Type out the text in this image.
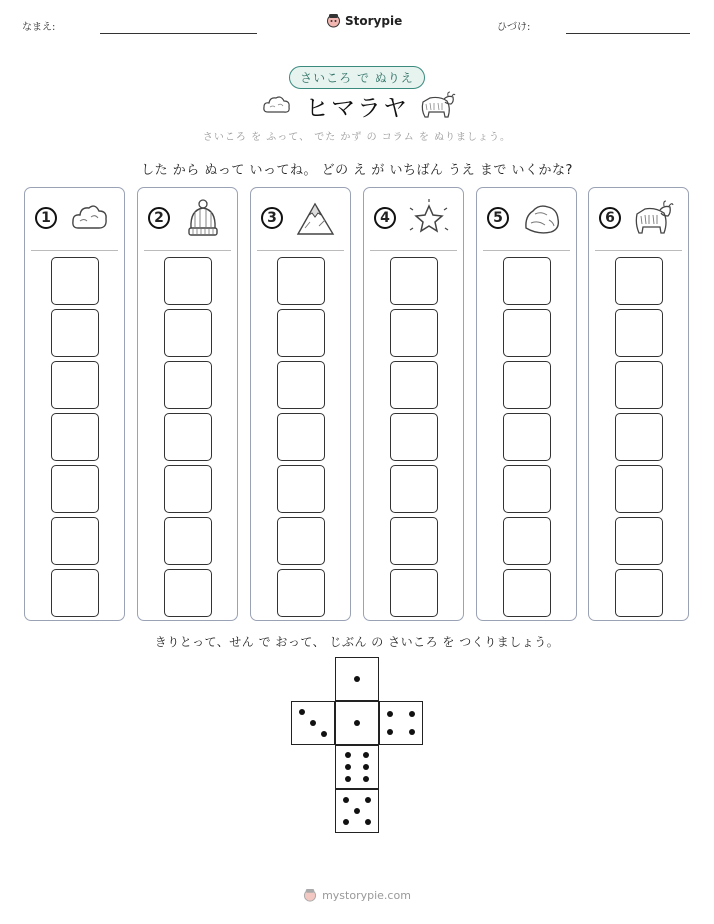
なまえ:	Storypie	ひづけ:
さいころ で ぬりえ
ヒマラヤ
さいころ を ふって、 でた かず の コラム を ぬりましょう。
した から ぬって いってね。 どの え が いちばん うえ まで いくかな?
1	2	3	4	5	6
きりとって、せん で おって、 じぶん の さいころ を つくりましょう。
mystorypie.com
